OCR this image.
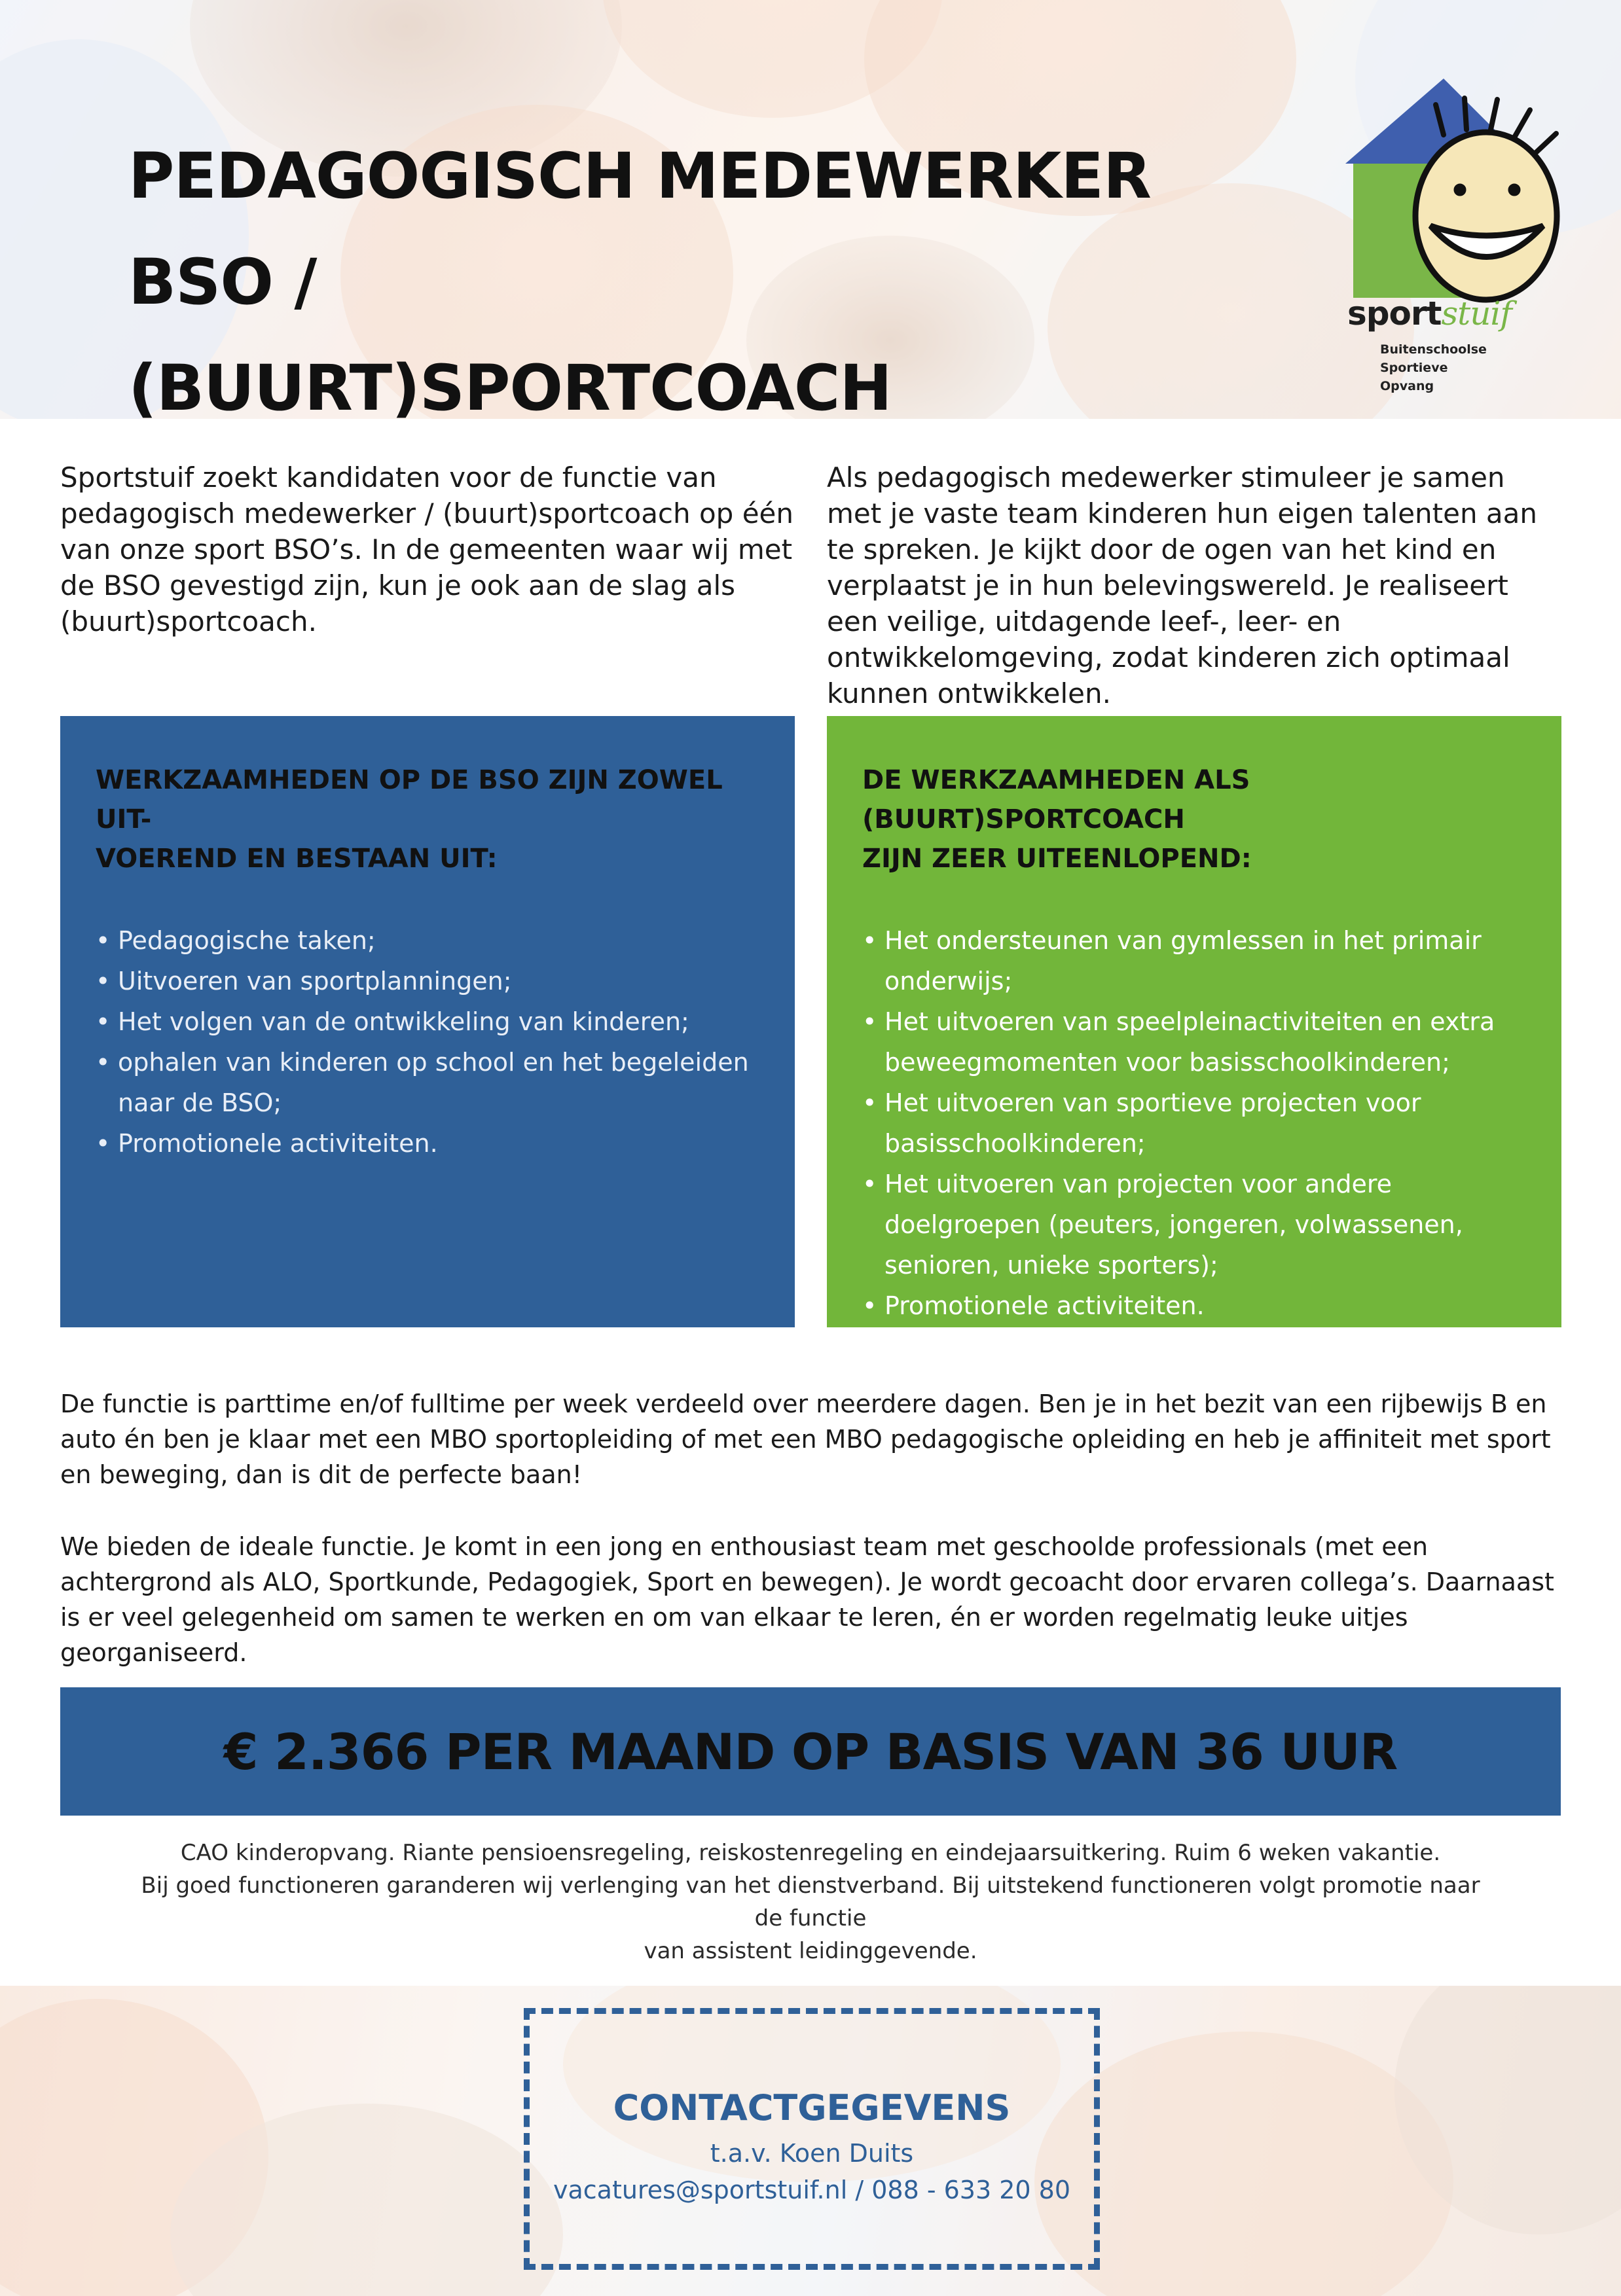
PEDAGOGISCH MEDEWERKER BSO /
(BUURT)SPORTCOACH
sportstuif
Buitenschoolse
Sportieve
Opvang

Sportstuif zoekt kandidaten voor de functie van pedagogisch medewerker / (buurt)sportcoach op één van onze sport BSO’s. In de gemeenten waar wij met de BSO gevestigd zijn, kun je ook aan de slag als (buurt)sportcoach.

Als pedagogisch medewerker stimuleer je samen met je vaste team kinderen hun eigen talenten aan te spreken. Je kijkt door de ogen van het kind en verplaatst je in hun belevingswereld. Je realiseert een veilige, uitdagende leef-, leer- en ontwikkelomgeving, zodat kinderen zich optimaal kunnen ontwikkelen.

WERKZAAMHEDEN OP DE BSO ZIJN ZOWEL UIT-
VOEREND EN BESTAAN UIT:
• Pedagogische taken;
• Uitvoeren van sportplanningen;
• Het volgen van de ontwikkeling van kinderen;
• ophalen van kinderen op school en het begeleiden naar de BSO;
• Promotionele activiteiten.
DE WERKZAAMHEDEN ALS (BUURT)SPORTCOACH
ZIJN ZEER UITEENLOPEND:
• Het ondersteunen van gymlessen in het primair onderwijs;
• Het uitvoeren van speelpleinactiviteiten en extra beweegmomenten voor basisschoolkinderen;
• Het uitvoeren van sportieve projecten voor basisschoolkinderen;
• Het uitvoeren van projecten voor andere doelgroepen (peuters, jongeren, volwassenen, senioren, unieke sporters);
• Promotionele activiteiten.

De functie is parttime en/of fulltime per week verdeeld over meerdere dagen. Ben je in het bezit van een rijbewijs B en auto én ben je klaar met een MBO sportopleiding of met een MBO pedagogische opleiding en heb je affiniteit met sport en beweging, dan is dit de perfecte baan!

We bieden de ideale functie. Je komt in een jong en enthousiast team met geschoolde professionals (met een achtergrond als ALO, Sportkunde, Pedagogiek, Sport en bewegen). Je wordt gecoacht door ervaren collega’s. Daarnaast is er veel gelegenheid om samen te werken en om van elkaar te leren, én er worden regelmatig leuke uitjes georganiseerd.

€ 2.366 PER MAAND OP BASIS VAN 36 UUR
CAO kinderopvang. Riante pensioensregeling, reiskostenregeling en eindejaarsuitkering. Ruim 6 weken vakantie.
Bij goed functioneren garanderen wij verlenging van het dienstverband. Bij uitstekend functioneren volgt promotie naar de functie
van assistent leidinggevende.

CONTACTGEGEVENS

t.a.v. Koen Duits

vacatures@sportstuif.nl / 088 - 633 20 80
